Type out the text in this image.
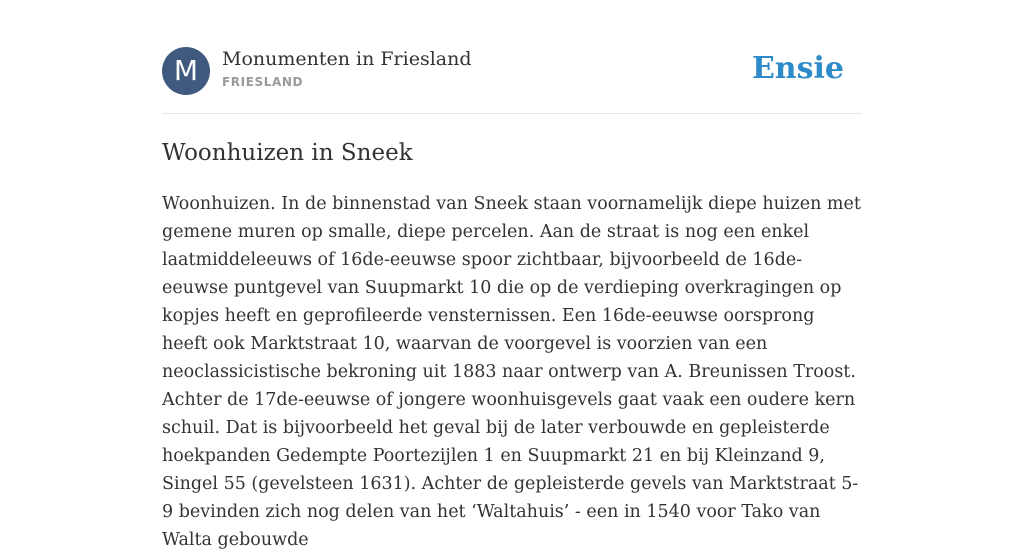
M	Monumenten in Friesland
FRIESLAND	Ensie
Woonhuizen in Sneek

Woonhuizen. In de binnenstad van Sneek staan voornamelijk diepe huizen met gemene muren op smalle, diepe percelen. Aan de straat is nog een enkel laatmiddeleeuws of 16de-eeuwse spoor zichtbaar, bijvoorbeeld de 16de-eeuwse puntgevel van Suupmarkt 10 die op de verdieping overkragingen op kopjes heeft en geprofileerde vensternissen. Een 16de-eeuwse oorsprong heeft ook Marktstraat 10, waarvan de voorgevel is voorzien van een neoclassicistische bekroning uit 1883 naar ontwerp van A. Breunissen Troost. Achter de 17de-eeuwse of jongere woonhuisgevels gaat vaak een oudere kern schuil. Dat is bijvoorbeeld het geval bij de later verbouwde en gepleisterde hoekpanden Gedempte Poortezijlen 1 en Suupmarkt 21 en bij Kleinzand 9, Singel 55 (gevelsteen 1631). Achter de gepleisterde gevels van Marktstraat 5-9 bevinden zich nog delen van het ‘Waltahuis’ - een in 1540 voor Tako van Walta gebouwde
